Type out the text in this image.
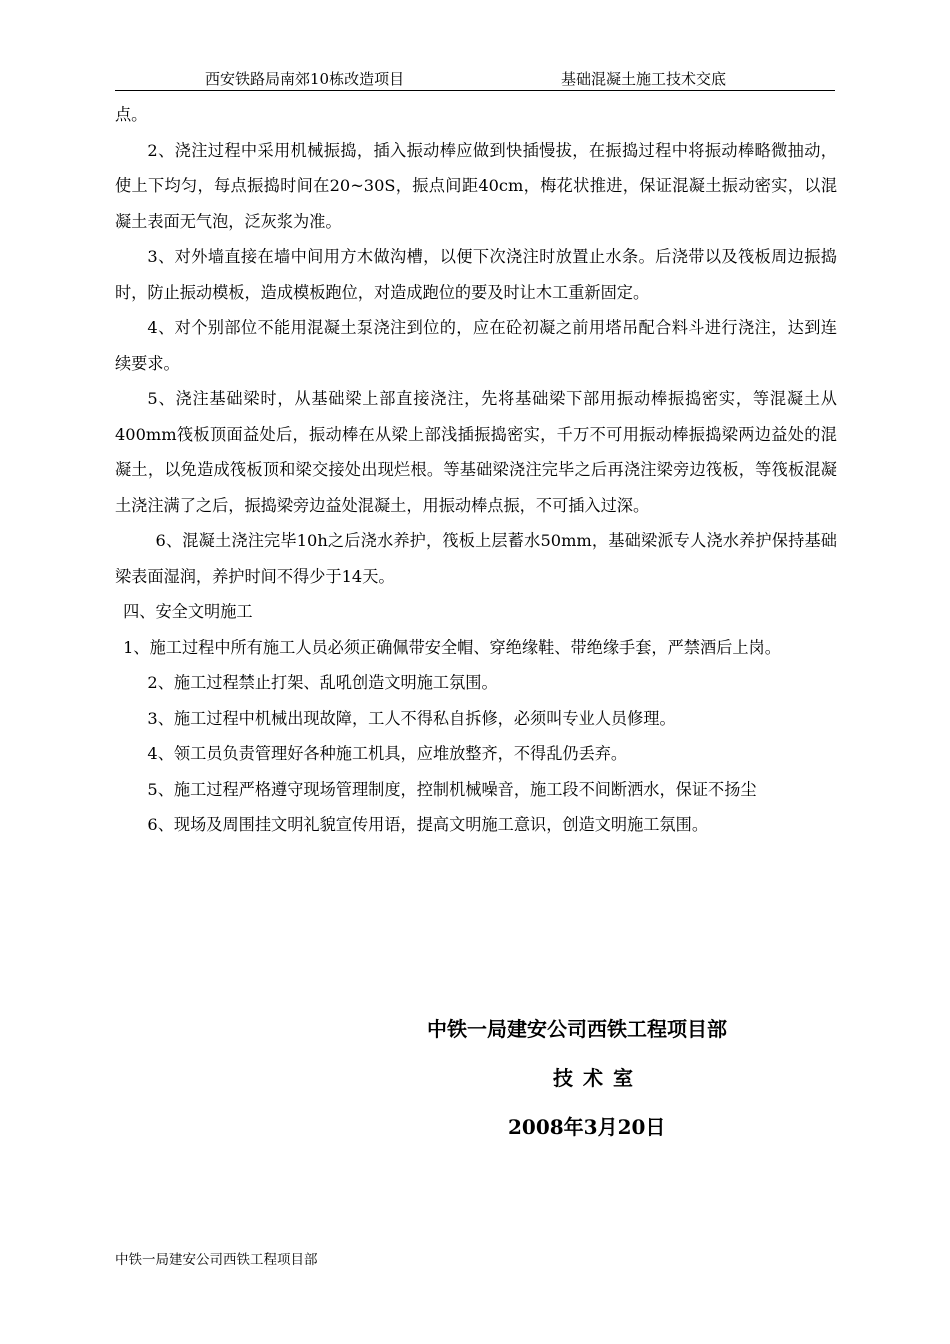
西安铁路局南郊10栋改造项目	基础混凝土施工技术交底

点。

2、浇注过程中采用机械振捣，插入振动棒应做到快插慢拔，在振捣过程中将振动棒略微抽动，使上下均匀，每点振捣时间在20~30S，振点间距40cm，梅花状推进，保证混凝土振动密实，以混凝土表面无气泡，泛灰浆为准。

3、对外墙直接在墙中间用方木做沟槽，以便下次浇注时放置止水条。后浇带以及筏板周边振捣时，防止振动模板，造成模板跑位，对造成跑位的要及时让木工重新固定。

4、对个别部位不能用混凝土泵浇注到位的，应在砼初凝之前用塔吊配合料斗进行浇注，达到连续要求。

5、浇注基础梁时，从基础梁上部直接浇注，先将基础梁下部用振动棒振捣密实，等混凝土从400mm筏板顶面益处后，振动棒在从梁上部浅插振捣密实，千万不可用振动棒振捣梁两边益处的混凝土，以免造成筏板顶和梁交接处出现烂根。等基础梁浇注完毕之后再浇注梁旁边筏板，等筏板混凝土浇注满了之后，振捣梁旁边益处混凝土，用振动棒点振，不可插入过深。

6、混凝土浇注完毕10h之后浇水养护，筏板上层蓄水50mm，基础梁派专人浇水养护保持基础梁表面湿润，养护时间不得少于14天。

四、安全文明施工

1、施工过程中所有施工人员必须正确佩带安全帽、穿绝缘鞋、带绝缘手套，严禁酒后上岗。

2、施工过程禁止打架、乱吼创造文明施工氛围。

3、施工过程中机械出现故障，工人不得私自拆修，必须叫专业人员修理。

4、领工员负责管理好各种施工机具，应堆放整齐，不得乱仍丢弃。

5、施工过程严格遵守现场管理制度，控制机械噪音，施工段不间断洒水，保证不扬尘

6、现场及周围挂文明礼貌宣传用语，提高文明施工意识，创造文明施工氛围。

中铁一局建安公司西铁工程项目部
技术室
2008年3月20日
中铁一局建安公司西铁工程项目部
